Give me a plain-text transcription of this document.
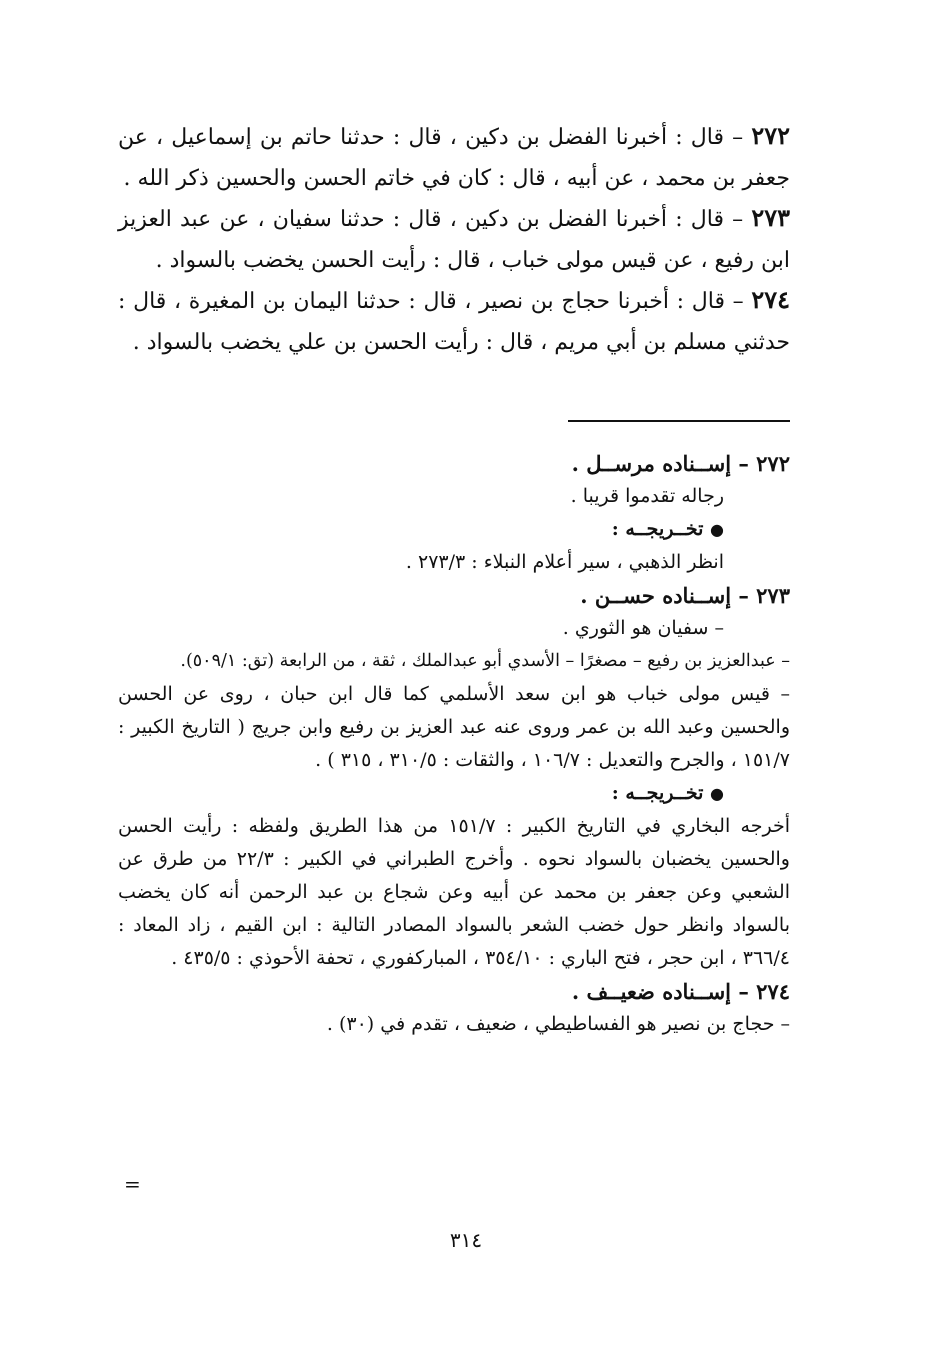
٢٧٢ – قال : أخبرنا الفضل بن دكين ، قال : حدثنا حاتم بن إسماعيل ، عن جعفر بن محمد ، عن أبيه ، قال : كان في خاتم الحسن والحسين ذكر الله .
٢٧٣ – قال : أخبرنا الفضل بن دكين ، قال : حدثنا سفيان ، عن عبد العزيز ابن رفيع ، عن قيس مولى خباب ، قال : رأيت الحسن يخضب بالسواد .
٢٧٤ – قال : أخبرنا حجاج بن نصير ، قال : حدثنا اليمان بن المغيرة ، قال : حدثني مسلم بن أبي مريم ، قال : رأيت الحسن بن علي يخضب بالسواد .
٢٧٢ – إســناده مرســل .
رجاله تقدموا قريبا .
● تخــريجــه :
انظر الذهبي ، سير أعلام النبلاء : ٢٧٣/٣ .
٢٧٣ – إســناده حســن .
– سفيان هو الثوري .
– عبدالعزيز بن رفيع – مصغرًا – الأسدي أبو عبدالملك ، ثقة ، من الرابعة (تق: ٥٠٩/١).
– قيس مولى خباب هو ابن سعد الأسلمي كما قال ابن حبان ، روى عن الحسن والحسين وعبد الله بن عمر وروى عنه عبد العزيز بن رفيع وابن جريج ( التاريخ الكبير : ١٥١/٧ ، والجرح والتعديل : ١٠٦/٧ ، والثقات : ٣١٠/٥ ، ٣١٥ ) .
● تخــريجــه :
أخرجه البخاري في التاريخ الكبير : ١٥١/٧ من هذا الطريق ولفظه : رأيت الحسن والحسين يخضبان بالسواد نحوه . وأخرج الطبراني في الكبير : ٢٢/٣ من طرق عن الشعبي وعن جعفر بن محمد عن أبيه وعن شجاع بن عبد الرحمن أنه كان يخضب بالسواد وانظر حول خضب الشعر بالسواد المصادر التالية : ابن القيم ، زاد المعاد : ٣٦٦/٤ ، ابن حجر ، فتح الباري : ٣٥٤/١٠ ، المباركفوري ، تحفة الأحوذي : ٤٣٥/٥ .
٢٧٤ – إســناده ضعيــف .
– حجاج بن نصير هو الفساطيطي ، ضعيف ، تقدم في (٣٠) .
=
٣١٤
